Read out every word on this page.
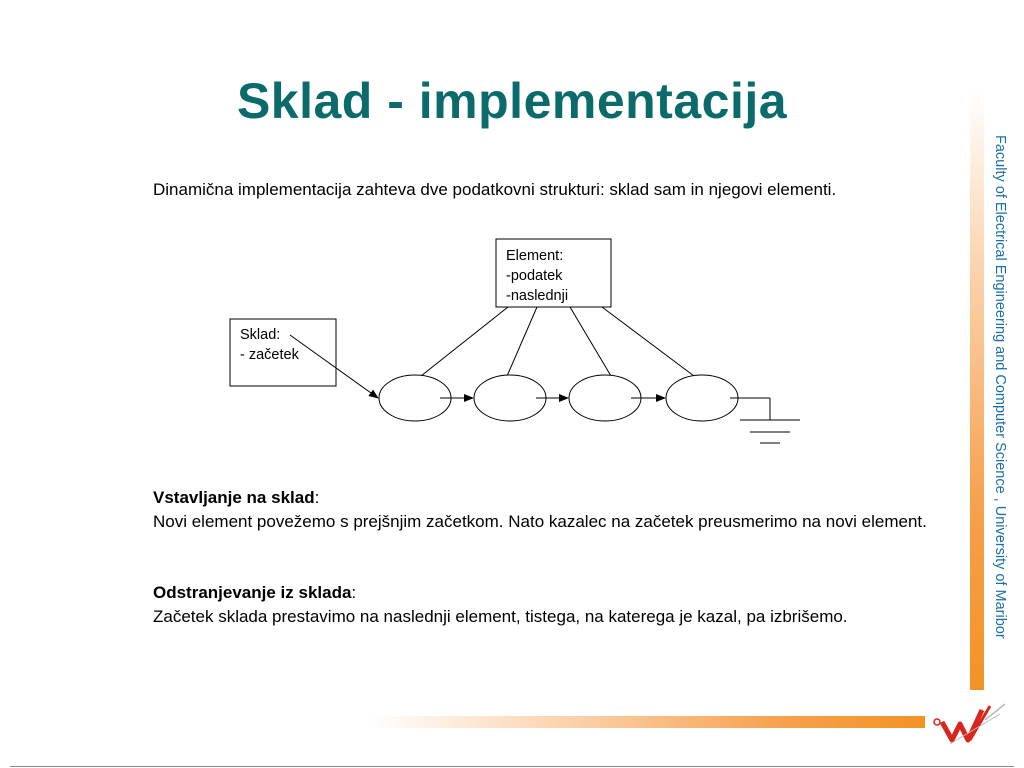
Sklad - implementacija
Dinamična implementacija zahteva dve podatkovni strukturi: sklad sam in njegovi elementi.
Element:
-podatek
-naslednji
Sklad:
- začetek
Vstavljanje na sklad:
Novi element povežemo s prejšnjim začetkom. Nato kazalec na začetek preusmerimo na novi element.
Odstranjevanje iz sklada:
Začetek sklada prestavimo na naslednji element, tistega, na katerega je kazal, pa izbrišemo.	Faculty of Electrical Engineering and Computer Science , University of Maribor
